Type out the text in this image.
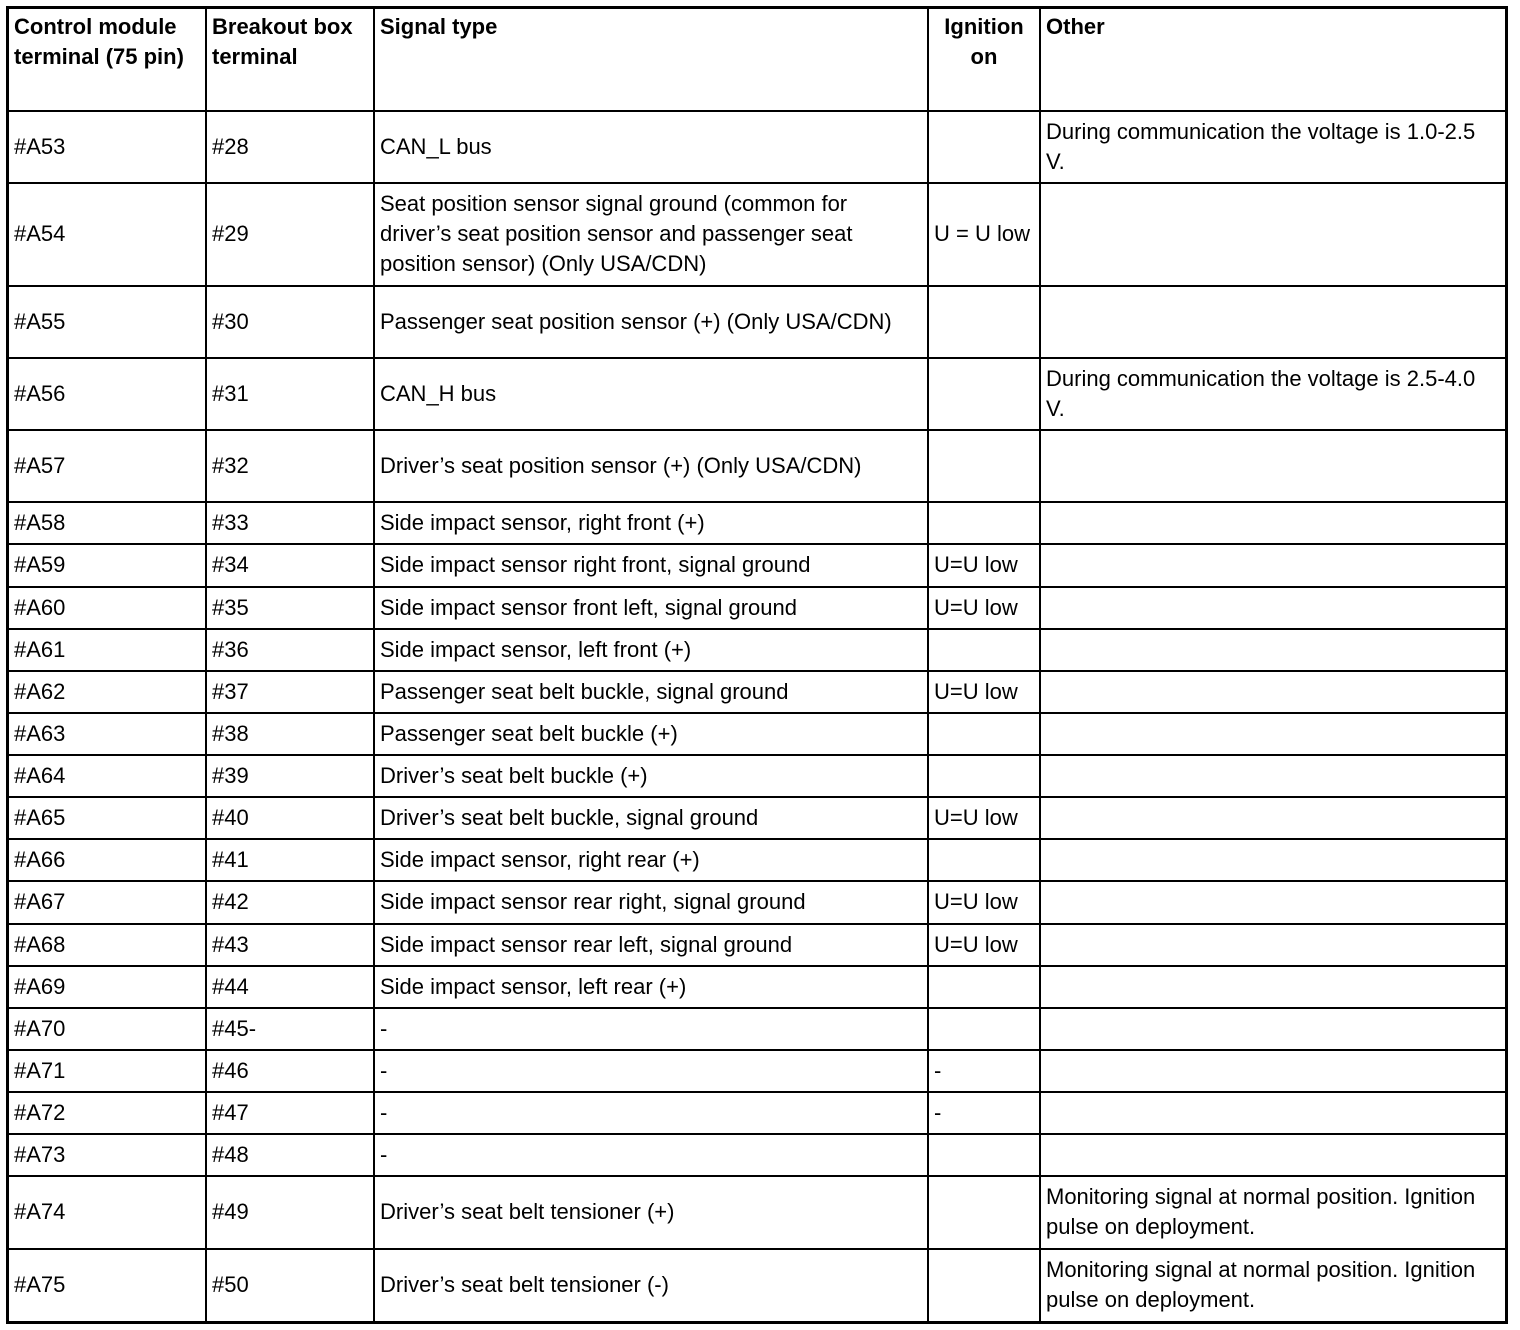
Control module terminal (75 pin)	Breakout box terminal	Signal type	Ignition on	Other
#A53	#28	CAN_L bus		During communication the voltage is 1.0-2.5 V.
#A54	#29	Seat position sensor signal ground (common for driver’s seat position sensor and passenger seat position sensor) (Only USA/CDN)	U = U low	
#A55	#30	Passenger seat position sensor (+) (Only USA/CDN)		
#A56	#31	CAN_H bus		During communication the voltage is 2.5-4.0 V.
#A57	#32	Driver’s seat position sensor (+) (Only USA/CDN)		
#A58	#33	Side impact sensor, right front (+)		
#A59	#34	Side impact sensor right front, signal ground	U=U low	
#A60	#35	Side impact sensor front left, signal ground	U=U low	
#A61	#36	Side impact sensor, left front (+)		
#A62	#37	Passenger seat belt buckle, signal ground	U=U low	
#A63	#38	Passenger seat belt buckle (+)		
#A64	#39	Driver’s seat belt buckle (+)		
#A65	#40	Driver’s seat belt buckle, signal ground	U=U low	
#A66	#41	Side impact sensor, right rear (+)		
#A67	#42	Side impact sensor rear right, signal ground	U=U low	
#A68	#43	Side impact sensor rear left, signal ground	U=U low	
#A69	#44	Side impact sensor, left rear (+)		
#A70	#45-	-		
#A71	#46	-	-	
#A72	#47	-	-	
#A73	#48	-		
#A74	#49	Driver’s seat belt tensioner (+)		Monitoring signal at normal position. Ignition pulse on deployment.
#A75	#50	Driver’s seat belt tensioner (-)		Monitoring signal at normal position. Ignition pulse on deployment.
